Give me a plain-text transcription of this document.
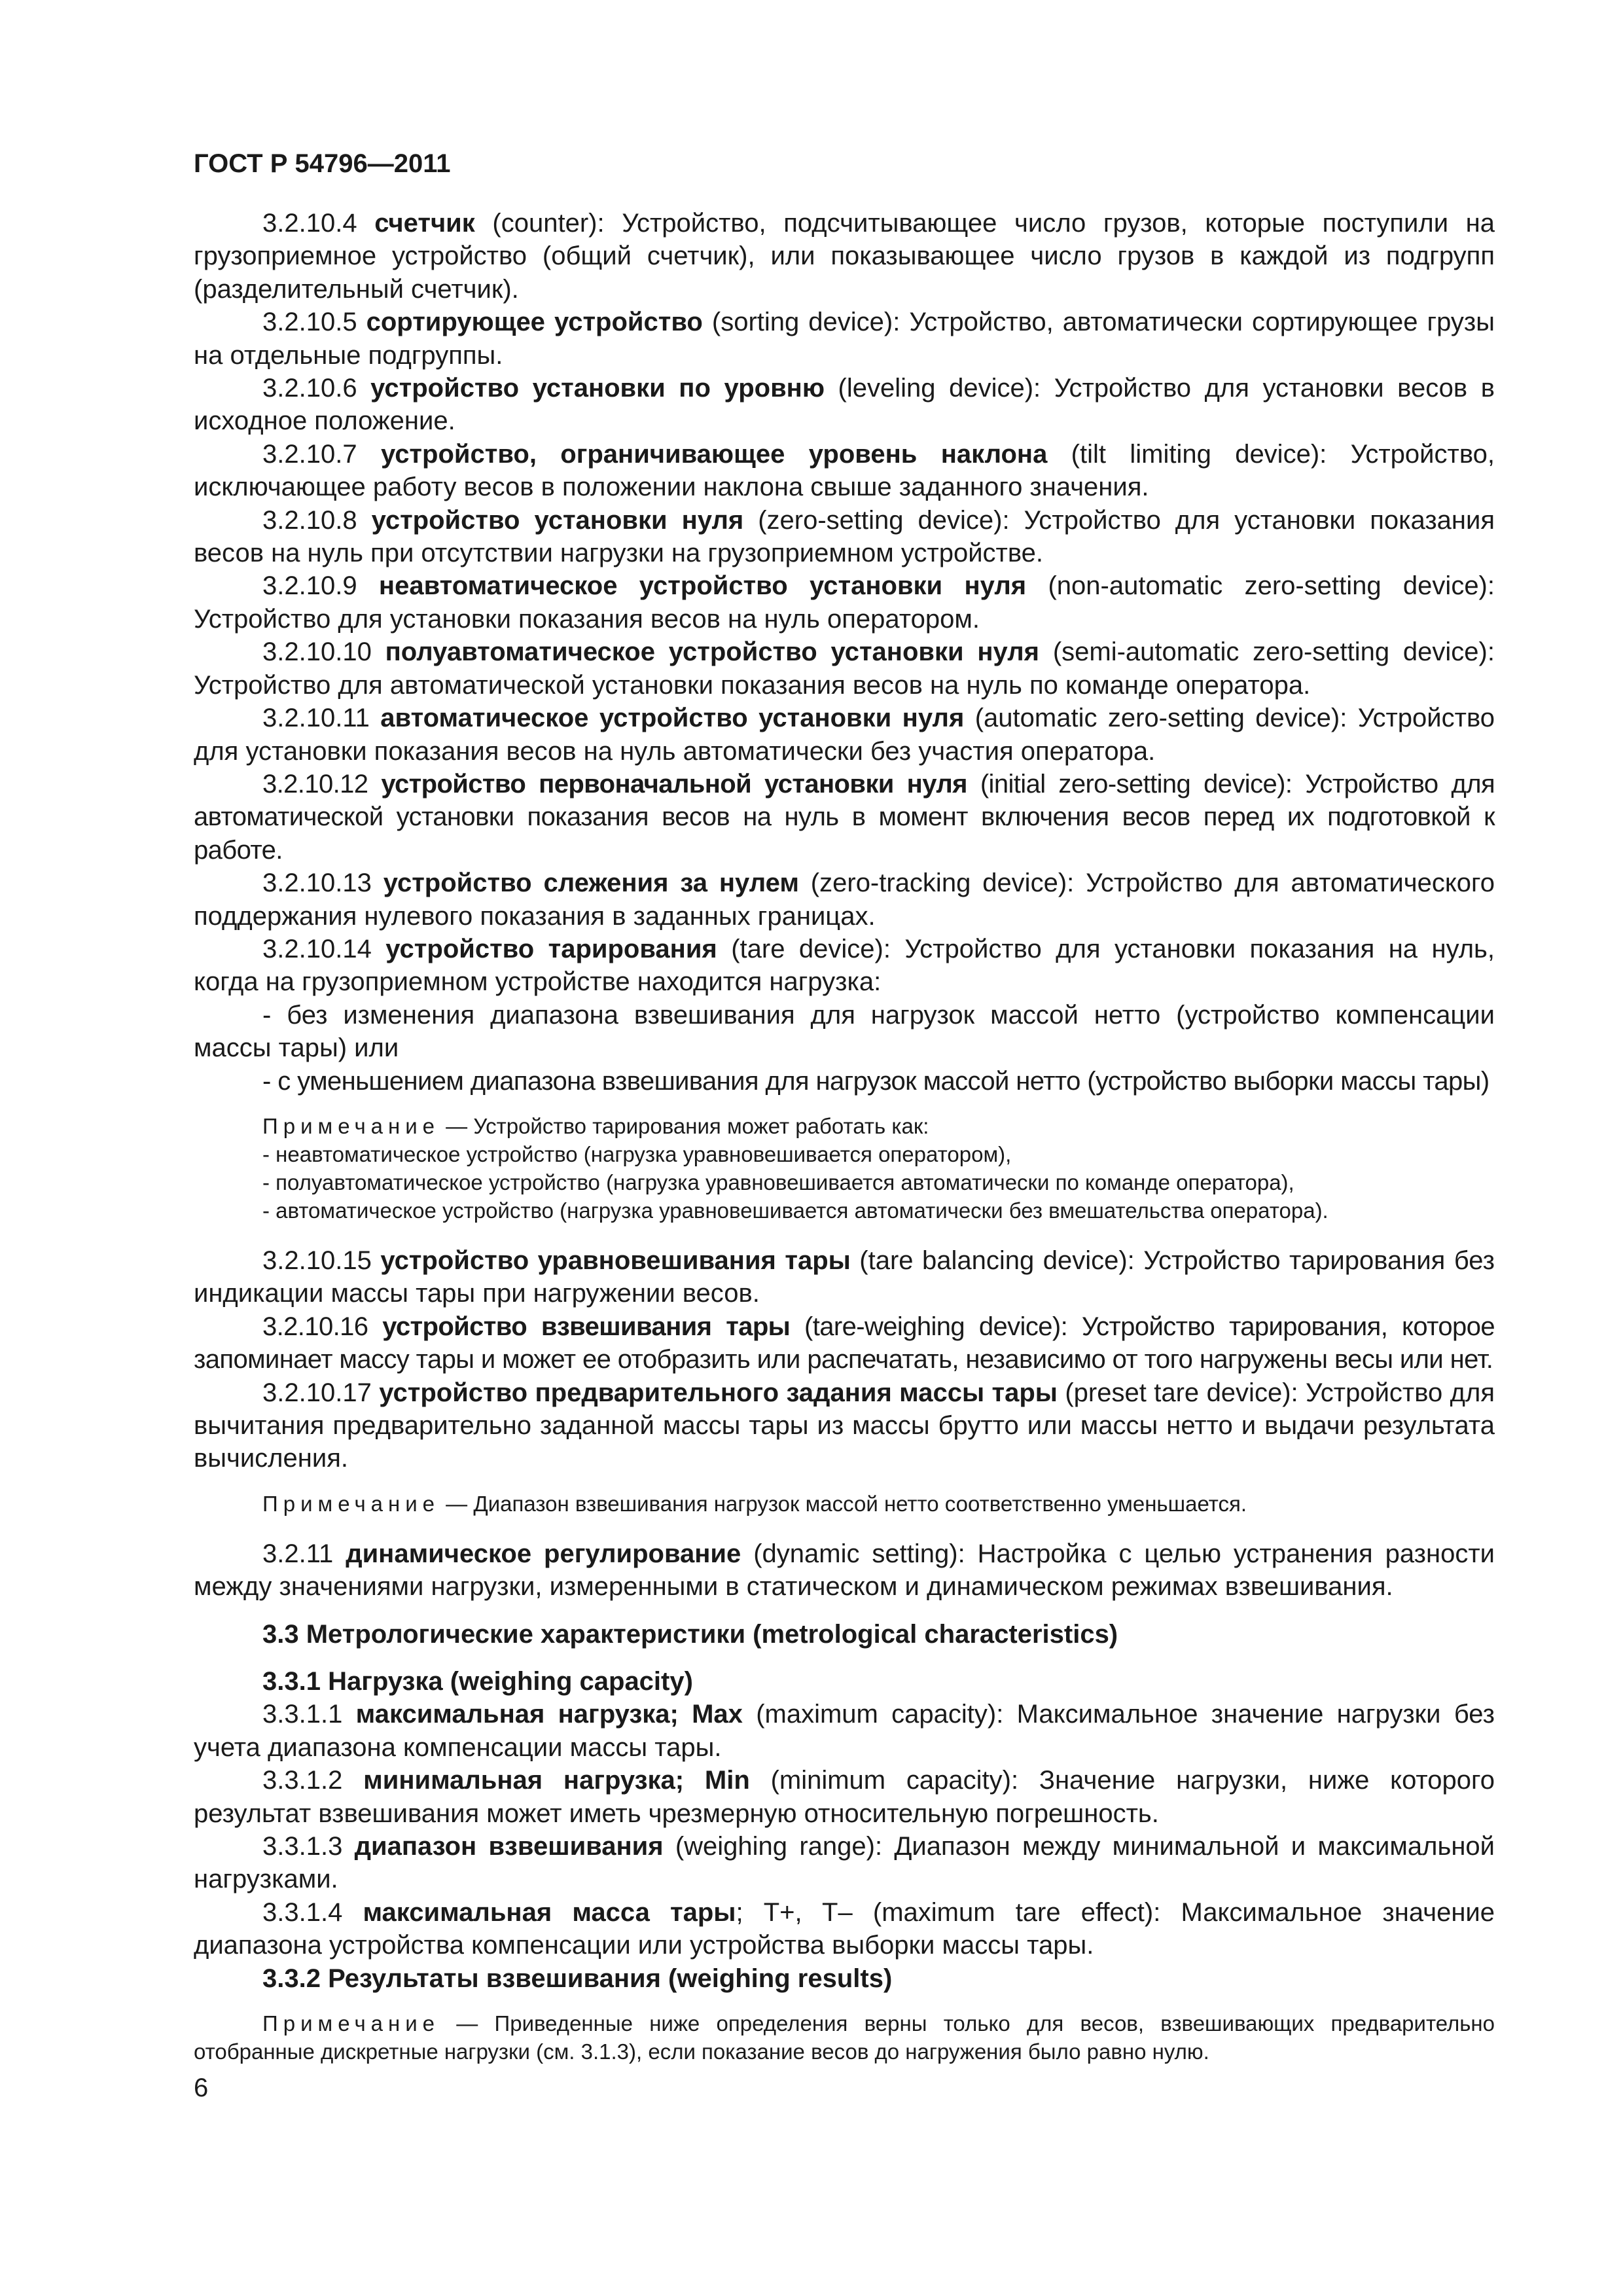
ГОСТ Р 54796—2011

3.2.10.4 счетчик (counter): Устройство, подсчитывающее число грузов, которые поступили на грузоприемное устройство (общий счетчик), или показывающее число грузов в каждой из подгрупп (разделительный счетчик).

3.2.10.5 сортирующее устройство (sorting device): Устройство, автоматически сортирующее грузы на отдельные подгруппы.

3.2.10.6 устройство установки по уровню (leveling device): Устройство для установки весов в исходное положение.

3.2.10.7 устройство, ограничивающее уровень наклона (tilt limiting device): Устройство, исключающее работу весов в положении наклона свыше заданного значения.

3.2.10.8 устройство установки нуля (zero-setting device): Устройство для установки показания весов на нуль при отсутствии нагрузки на грузоприемном устройстве.

3.2.10.9 неавтоматическое устройство установки нуля (non-automatic zero-setting device): Устройство для установки показания весов на нуль оператором.

3.2.10.10 полуавтоматическое устройство установки нуля (semi-automatic zero-setting device): Устройство для автоматической установки показания весов на нуль по команде оператора.

3.2.10.11 автоматическое устройство установки нуля (automatic zero-setting device): Устройство для установки показания весов на нуль автоматически без участия оператора.

3.2.10.12 устройство первоначальной установки нуля (initial zero-setting device): Устройство для автоматической установки показания весов на нуль в момент включения весов перед их подготовкой к работе.

3.2.10.13 устройство слежения за нулем (zero-tracking device): Устройство для автоматического поддержания нулевого показания в заданных границах.

3.2.10.14 устройство тарирования (tare device): Устройство для установки показания на нуль, когда на грузоприемном устройстве находится нагрузка:

- без изменения диапазона взвешивания для нагрузок массой нетто (устройство компенсации массы тары) или

- с уменьшением диапазона взвешивания для нагрузок массой нетто (устройство выборки массы тары)

Примечание — Устройство тарирования может работать как:

- неавтоматическое устройство (нагрузка уравновешивается оператором),

- полуавтоматическое устройство (нагрузка уравновешивается автоматически по команде оператора),

- автоматическое устройство (нагрузка уравновешивается автоматически без вмешательства оператора).

3.2.10.15 устройство уравновешивания тары (tare balancing device): Устройство тарирования без индикации массы тары при нагружении весов.

3.2.10.16 устройство взвешивания тары (tare-weighing device): Устройство тарирования, которое запоминает массу тары и может ее отобразить или распечатать, независимо от того нагружены весы или нет.

3.2.10.17 устройство предварительного задания массы тары (preset tare device): Устройство для вычитания предварительно заданной массы тары из массы брутто или массы нетто и выдачи результата вычисления.

Примечание — Диапазон взвешивания нагрузок массой нетто соответственно уменьшается.

3.2.11 динамическое регулирование (dynamic setting): Настройка с целью устранения разности между значениями нагрузки, измеренными в статическом и динамическом режимах взвешивания.

3.3 Метрологические характеристики (metrological characteristics)

3.3.1 Нагрузка (weighing capacity)

3.3.1.1 максимальная нагрузка; Max (maximum capacity): Максимальное значение нагрузки без учета диапазона компенсации массы тары.

3.3.1.2 минимальная нагрузка; Min (minimum capacity): Значение нагрузки, ниже которого результат взвешивания может иметь чрезмерную относительную погрешность.

3.3.1.3 диапазон взвешивания (weighing range): Диапазон между минимальной и максимальной нагрузками.

3.3.1.4 максимальная масса тары; T+, T– (maximum tare effect): Максимальное значение диапазона устройства компенсации или устройства выборки массы тары.

3.3.2 Результаты взвешивания (weighing results)

Примечание — Приведенные ниже определения верны только для весов, взвешивающих предварительно отобранные дискретные нагрузки (см. 3.1.3), если показание весов до нагружения было равно нулю.

6
